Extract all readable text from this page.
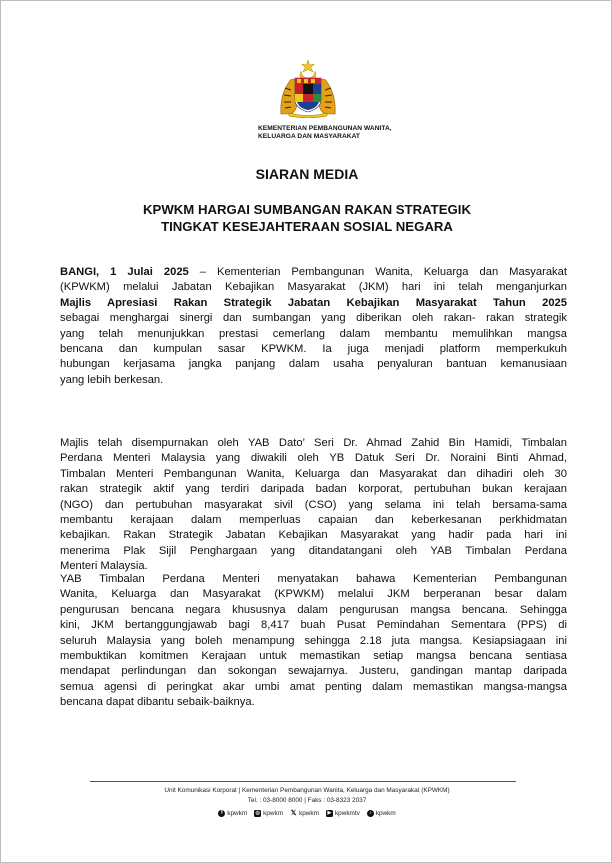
KEMENTERIAN PEMBANGUNAN WANITA,
KELUARGA DAN MASYARAKAT
SIARAN MEDIA
KPWKM HARGAI SUMBANGAN RAKAN STRATEGIK
TINGKAT KESEJAHTERAAN SOSIAL NEGARA
BANGI, 1 Julai 2025 – Kementerian Pembangunan Wanita, Keluarga dan Masyarakat
(KPWKM) melalui Jabatan Kebajikan Masyarakat (JKM) hari ini telah menganjurkan
Majlis Apresiasi Rakan Strategik Jabatan Kebajikan Masyarakat Tahun 2025
sebagai menghargai sinergi dan sumbangan yang diberikan oleh rakan- rakan strategik
yang telah menunjukkan prestasi cemerlang dalam membantu memulihkan mangsa
bencana dan kumpulan sasar KPWKM. Ia juga menjadi platform memperkukuh
hubungan kerjasama jangka panjang dalam usaha penyaluran bantuan kemanusiaan
yang lebih berkesan.
Majlis telah disempurnakan oleh YAB Dato’ Seri Dr. Ahmad Zahid Bin Hamidi, Timbalan
Perdana Menteri Malaysia yang diwakili oleh YB Datuk Seri Dr. Noraini Binti Ahmad,
Timbalan Menteri Pembangunan Wanita, Keluarga dan Masyarakat dan dihadiri oleh 30
rakan strategik aktif yang terdiri daripada badan korporat, pertubuhan bukan kerajaan
(NGO) dan pertubuhan masyarakat sivil (CSO) yang selama ini telah bersama-sama
membantu kerajaan dalam memperluas capaian dan keberkesanan perkhidmatan
kebajikan. Rakan Strategik Jabatan Kebajikan Masyarakat yang hadir pada hari ini
menerima Plak Sijil Penghargaan yang ditandatangani oleh YAB Timbalan Perdana
Menteri Malaysia.
YAB Timbalan Perdana Menteri menyatakan bahawa Kementerian Pembangunan
Wanita, Keluarga dan Masyarakat (KPWKM) melalui JKM berperanan besar dalam
pengurusan bencana negara khususnya dalam pengurusan mangsa bencana. Sehingga
kini, JKM bertanggungjawab bagi 8,417 buah Pusat Pemindahan Sementara (PPS) di
seluruh Malaysia yang boleh menampung sehingga 2.18 juta mangsa. Kesiapsiagaan ini
membuktikan komitmen Kerajaan untuk memastikan setiap mangsa bencana sentiasa
mendapat perlindungan dan sokongan sewajarnya. Justeru, gandingan mantap daripada
semua agensi di peringkat akar umbi amat penting dalam memastikan mangsa-mangsa
bencana dapat dibantu sebaik-baiknya.
Unit Komunikasi Korporat | Kementerian Pembangunan Wanita, Keluarga dan Masyarakat (KPWKM)
Tel. : 03-8000 8000 | Faks : 03-8323 2037
f kpwkm ◎ kpwkm 𝕏 kpwkm	▶ kpwkmtv	♪ kpwkm
